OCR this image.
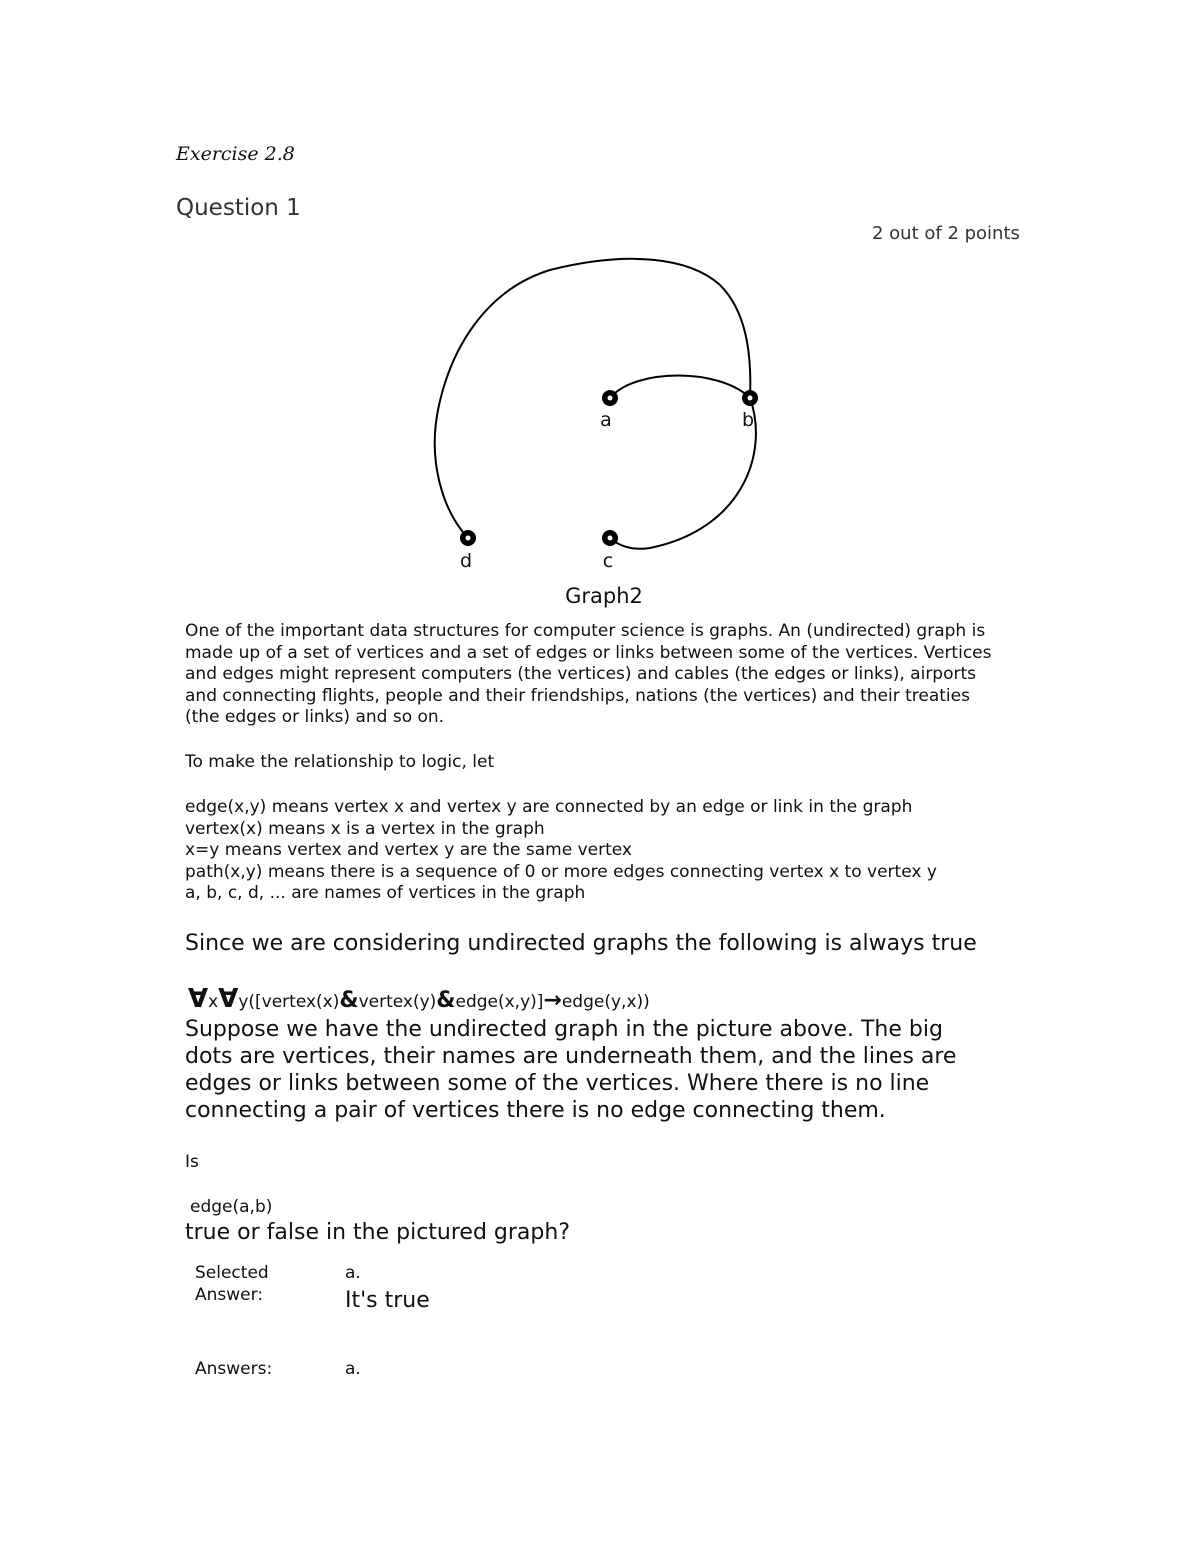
Exercise 2.8
Question 1
2 out of 2 points
a	b
c
d
Graph2
One of the important data structures for computer science is graphs. An (undirected) graph is made up of a set of vertices and a set of edges or links between some of the vertices. Vertices and edges might represent computers (the vertices) and cables (the edges or links), airports and connecting flights, people and their friendships, nations (the vertices) and their treaties (the edges or links) and so on.
To make the relationship to logic, let
edge(x,y) means vertex x and vertex y are connected by an edge or link in the graph
vertex(x) means x is a vertex in the graph
x=y means vertex and vertex y are the same vertex
path(x,y) means there is a sequence of 0 or more edges connecting vertex x to vertex y
a, b, c, d, ... are names of vertices in the graph
Since we are considering undirected graphs the following is always true
∀x∀y([vertex(x)&vertex(y)&edge(x,y)]→edge(y,x))
Suppose we have the undirected graph in the picture above. The big dots are vertices, their names are underneath them, and the lines are edges or links between some of the vertices. Where there is no line connecting a pair of vertices there is no edge connecting them.
Is
edge(a,b)
true or false in the pictured graph?
Selected Answer:
a.
It's true
Answers:	a.
